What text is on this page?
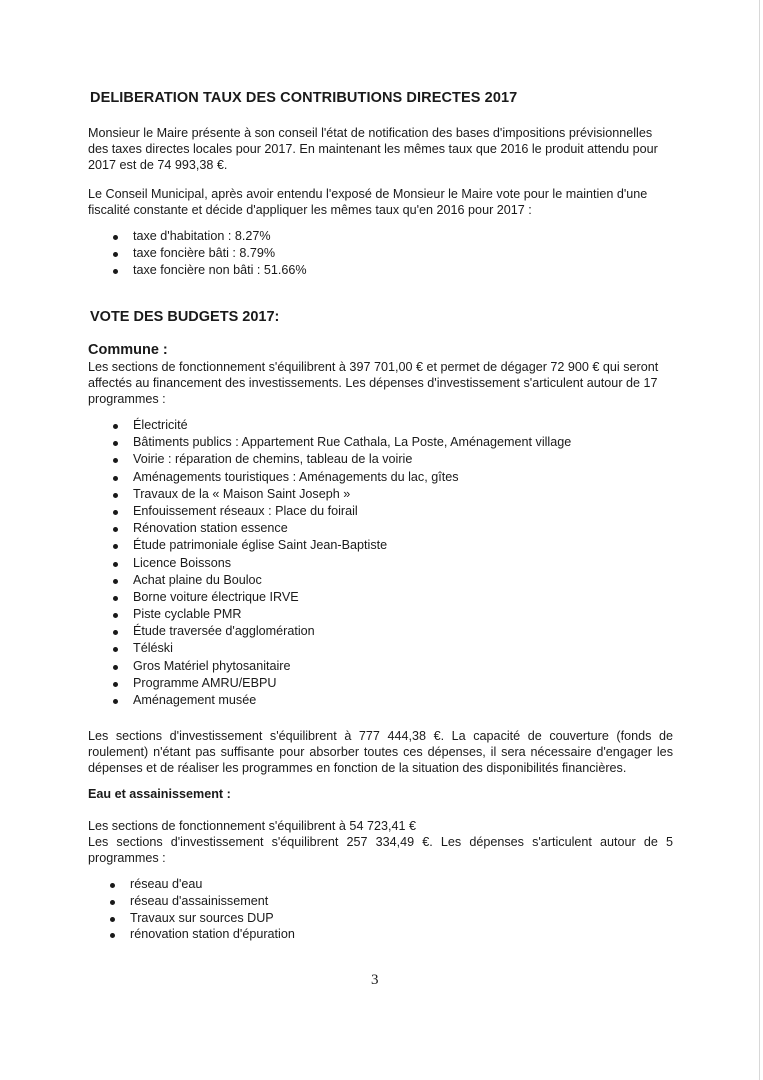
DELIBERATION TAUX DES CONTRIBUTIONS DIRECTES 2017

Monsieur le Maire présente à son conseil l'état de notification des bases d'impositions prévisionnelles des taxes directes locales pour 2017. En maintenant les mêmes taux que 2016 le produit attendu pour 2017 est de 74 993,38 €.

Le Conseil Municipal, après avoir entendu l'exposé de Monsieur le Maire vote pour le maintien d'une fiscalité constante et décide d'appliquer les mêmes taux qu'en 2016 pour 2017 :

taxe d'habitation : 8.27%
taxe foncière bâti : 8.79%
taxe foncière non bâti : 51.66%
VOTE DES BUDGETS 2017:
Commune :

Les sections de fonctionnement s'équilibrent à 397 701,00 € et permet de dégager 72 900 € qui seront affectés au financement des investissements. Les dépenses d'investissement s'articulent autour de 17 programmes :

Électricité
Bâtiments publics : Appartement Rue Cathala, La Poste, Aménagement village
Voirie : réparation de chemins, tableau de la voirie
Aménagements touristiques : Aménagements du lac, gîtes
Travaux de la « Maison Saint Joseph »
Enfouissement réseaux : Place du foirail
Rénovation station essence
Étude patrimoniale église Saint Jean-Baptiste
Licence Boissons
Achat plaine du Bouloc
Borne voiture électrique IRVE
Piste cyclable PMR
Étude traversée d'agglomération
Téléski
Gros Matériel phytosanitaire
Programme AMRU/EBPU
Aménagement musée

Les sections d'investissement s'équilibrent à 777 444,38 €. La capacité de couverture (fonds de roulement) n'étant pas suffisante pour absorber toutes ces dépenses, il sera nécessaire d'engager les dépenses et de réaliser les programmes en fonction de la situation des disponibilités financières.

Eau et assainissement :

Les sections de fonctionnement s'équilibrent à 54 723,41 €

Les sections d'investissement s'équilibrent 257 334,49 €. Les dépenses s'articulent autour de 5 programmes :

réseau d'eau
réseau d'assainissement
Travaux sur sources DUP
rénovation station d'épuration
3
